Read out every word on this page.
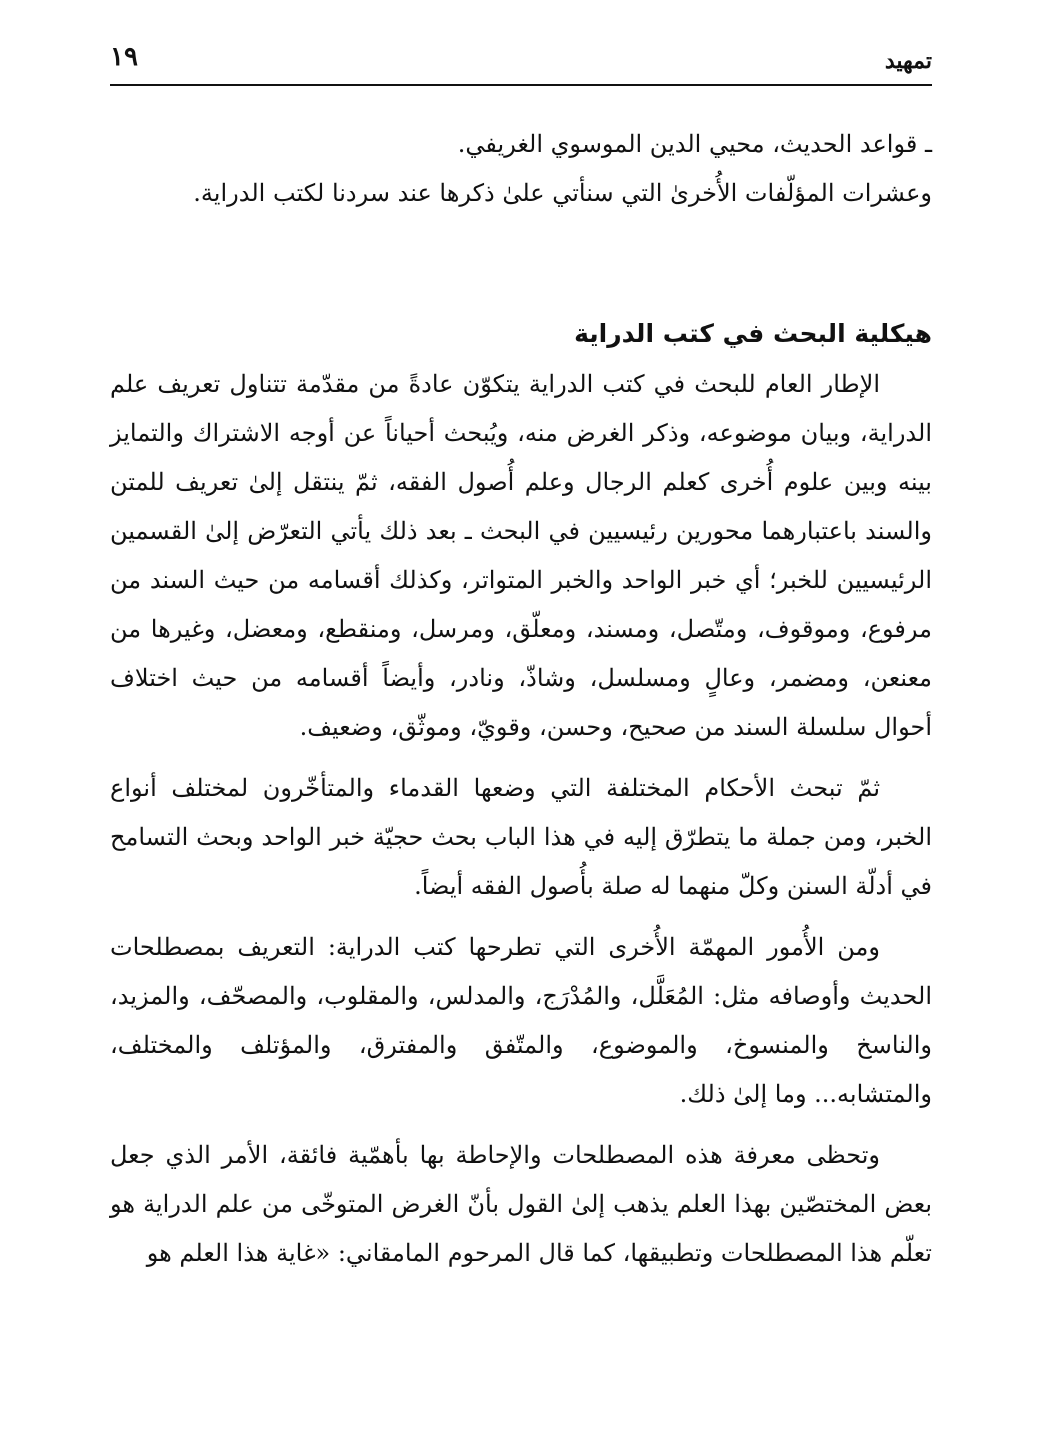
تمهيد
١٩

ـ قواعد الحديث، محيي الدين الموسوي الغريفي.

وعشرات المؤلّفات الأُخرىٰ التي سنأتي علىٰ ذكرها عند سردنا لكتب الدراية.

هيكلية البحث في كتب الدراية

الإطار العام للبحث في كتب الدراية يتكوّن عادةً من مقدّمة تتناول تعريف علم الدراية، وبيان موضوعه، وذكر الغرض منه، ويُبحث أحياناً عن أوجه الاشتراك والتمايز بينه وبين علوم أُخرى كعلم الرجال وعلم أُصول الفقه، ثمّ ينتقل إلىٰ تعريف للمتن والسند باعتبارهما محورين رئيسيين في البحث ـ بعد ذلك يأتي التعرّض إلىٰ القسمين الرئيسيين للخبر؛ أي خبر الواحد والخبر المتواتر، وكذلك أقسامه من حيث السند من مرفوع، وموقوف، ومتّصل، ومسند، ومعلّق، ومرسل، ومنقطع، ومعضل، وغيرها من معنعن، ومضمر، وعالٍ ومسلسل، وشاذّ، ونادر، وأيضاً أقسامه من حيث اختلاف أحوال سلسلة السند من صحيح، وحسن، وقويّ، وموثّق، وضعيف.

ثمّ تبحث الأحكام المختلفة التي وضعها القدماء والمتأخّرون لمختلف أنواع الخبر، ومن جملة ما يتطرّق إليه في هذا الباب بحث حجيّة خبر الواحد وبحث التسامح في أدلّة السنن وكلّ منهما له صلة بأُصول الفقه أيضاً.

ومن الأُمور المهمّة الأُخرى التي تطرحها كتب الدراية: التعريف بمصطلحات الحديث وأوصافه مثل: المُعَلَّل، والمُدْرَج، والمدلس، والمقلوب، والمصحّف، والمزيد، والناسخ والمنسوخ، والموضوع، والمتّفق والمفترق، والمؤتلف والمختلف، والمتشابه... وما إلىٰ ذلك.

وتحظى معرفة هذه المصطلحات والإحاطة بها بأهمّية فائقة، الأمر الذي جعل بعض المختصّين بهذا العلم يذهب إلىٰ القول بأنّ الغرض المتوخّى من علم الدراية هو تعلّم هذا المصطلحات وتطبيقها، كما قال المرحوم المامقاني: «غاية هذا العلم هو
